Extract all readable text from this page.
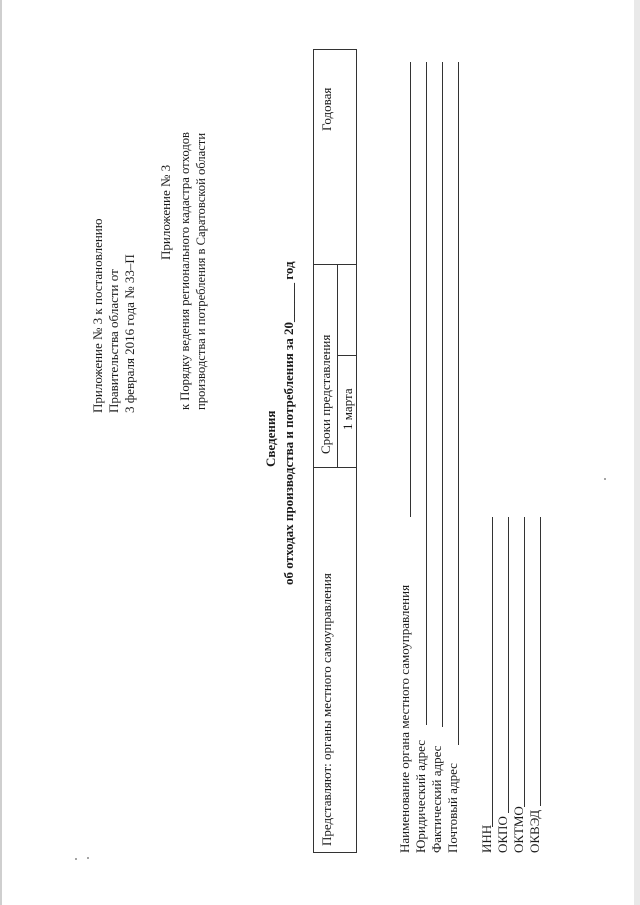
Приложение № 3 к постановлению Правительства области от 3 февраля 2016 года № 33–П
Приложение № 3 к Порядку ведения регионального кадастра отходов производства и потребления в Саратовской области
Сведения об отходах производства и потребления за 20______ год
Представляют: органы местного самоуправления	Сроки представления		Годовая

	1 марта		

Наименование органа местного самоуправления Юридический адрес Фактический адрес Почтовый адрес ИНН ОКПО ОКТМО ОКВЭД
